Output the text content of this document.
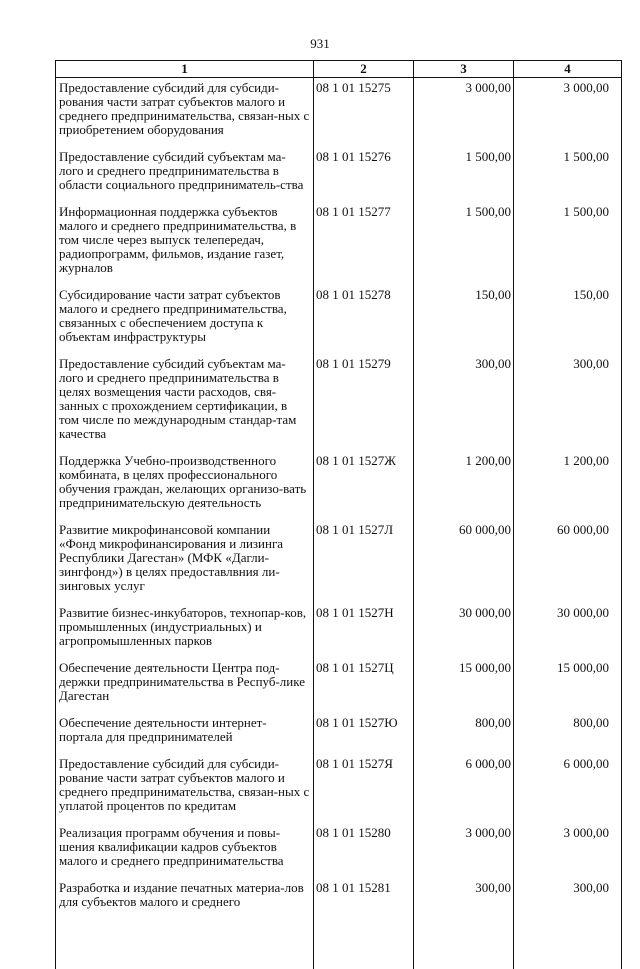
931
1	2	3	4
Предоставление субсидий для субсиди-рования части затрат субъектов малого и среднего предпринимательства, связан-ных с приобретением оборудования	08 1 01 15275	3 000,00	3 000,00
Предоставление субсидий субъектам ма-лого и среднего предпринимательства в области социального предприниматель-ства	08 1 01 15276	1 500,00	1 500,00
Информационная поддержка субъектов малого и среднего предпринимательства, в том числе через выпуск телепередач, радиопрограмм, фильмов, издание газет, журналов	08 1 01 15277	1 500,00	1 500,00
Субсидирование части затрат субъектов малого и среднего предпринимательства, связанных с обеспечением доступа к объектам инфраструктуры	08 1 01 15278	150,00	150,00
Предоставление субсидий субъектам ма-лого и среднего предпринимательства в целях возмещения части расходов, свя-занных с прохождением сертификации, в том числе по международным стандар-там качества	08 1 01 15279	300,00	300,00
Поддержка Учебно-производственного комбината, в целях профессионального обучения граждан, желающих организо-вать предпринимательскую деятельность	08 1 01 1527Ж	1 200,00	1 200,00
Развитие микрофинансовой компании «Фонд микрофинансирования и лизинга Республики Дагестан» (МФК «Дагли-зингфонд») в целях предоставлвния ли-зинговых услуг	08 1 01 1527Л	60 000,00	60 000,00
Развитие бизнес-инкубаторов, технопар-ков, промышленных (индустриальных) и агропромышленных парков	08 1 01 1527Н	30 000,00	30 000,00
Обеспечение деятельности Центра под-держки предпринимательства в Респуб-лике Дагестан	08 1 01 1527Ц	15 000,00	15 000,00
Обеспечение деятельности интернет-портала для предпринимателей	08 1 01 1527Ю	800,00	800,00
Предоставление субсидий для субсиди-рование части затрат субъектов малого и среднего предпринимательства, связан-ных с уплатой процентов по кредитам	08 1 01 1527Я	6 000,00	6 000,00
Реализация программ обучения и повы-шения квалификации кадров субъектов малого и среднего предпринимательства	08 1 01 15280	3 000,00	3 000,00
Разработка и издание печатных материа-лов для субъектов малого и среднего	08 1 01 15281	300,00	300,00
